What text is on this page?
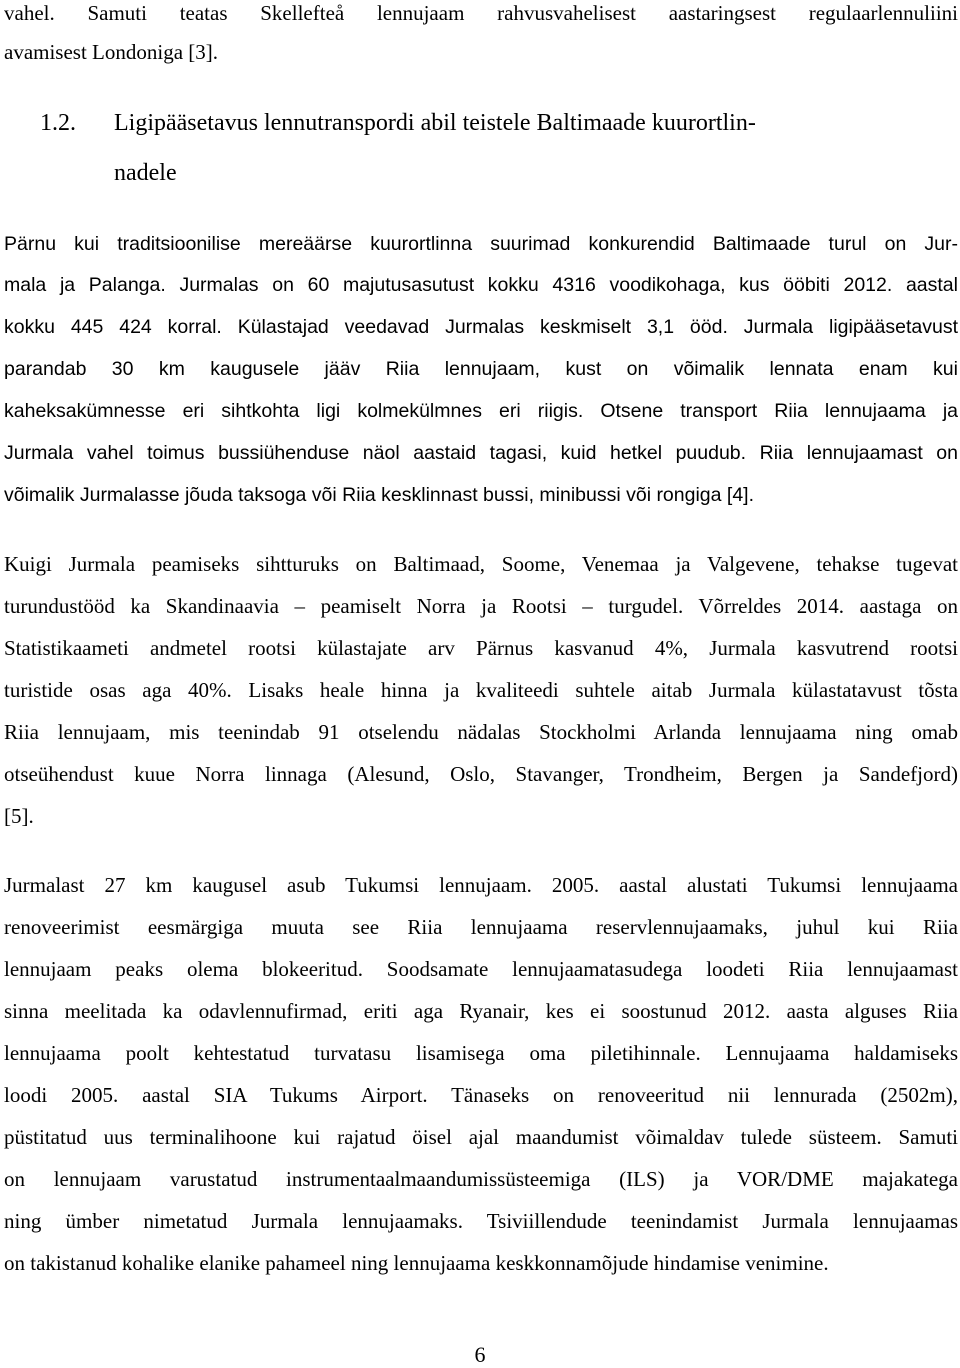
vahel. Samuti teatas Skellefteå lennujaam rahvusvahelisest aastaringsest regulaarlennuliini
avamisest Londoniga [3].
1.2. Ligipääsetavus lennutranspordi abil teistele Baltimaade kuurortlin-
nadele
Pärnu kui traditsioonilise mereäärse kuurortlinna suurimad konkurendid Baltimaade turul on Jur-
mala ja Palanga. Jurmalas on 60 majutusasutust kokku 4316 voodikohaga, kus ööbiti 2012. aastal
kokku 445 424 korral. Külastajad veedavad Jurmalas keskmiselt 3,1 ööd. Jurmala ligipääsetavust
parandab 30 km kaugusele jääv Riia lennujaam, kust on võimalik lennata enam kui
kaheksakümnesse eri sihtkohta ligi kolmekülmnes eri riigis. Otsene transport Riia lennujaama ja
Jurmala vahel toimus bussiühenduse näol aastaid tagasi, kuid hetkel puudub. Riia lennujaamast on
võimalik Jurmalasse jõuda taksoga või Riia kesklinnast bussi, minibussi või rongiga [4].
Kuigi Jurmala peamiseks sihtturuks on Baltimaad, Soome, Venemaa ja Valgevene, tehakse tugevat
turundustööd ka Skandinaavia – peamiselt Norra ja Rootsi – turgudel. Võrreldes 2014. aastaga on
Statistikaameti andmetel rootsi külastajate arv Pärnus kasvanud 4%, Jurmala kasvutrend rootsi
turistide osas aga 40%. Lisaks heale hinna ja kvaliteedi suhtele aitab Jurmala külastatavust tõsta
Riia lennujaam, mis teenindab 91 otselendu nädalas Stockholmi Arlanda lennujaama ning omab
otseühendust kuue Norra linnaga (Alesund, Oslo, Stavanger, Trondheim, Bergen ja Sandefjord)
[5].
Jurmalast 27 km kaugusel asub Tukumsi lennujaam. 2005. aastal alustati Tukumsi lennujaama
renoveerimist eesmärgiga muuta see Riia lennujaama reservlennujaamaks, juhul kui Riia
lennujaam peaks olema blokeeritud. Soodsamate lennujaamatasudega loodeti Riia lennujaamast
sinna meelitada ka odavlennufirmad, eriti aga Ryanair, kes ei soostunud 2012. aasta alguses Riia
lennujaama poolt kehtestatud turvatasu lisamisega oma piletihinnale. Lennujaama haldamiseks
loodi 2005. aastal SIA Tukums Airport. Tänaseks on renoveeritud nii lennurada (2502m),
püstitatud uus terminalihoone kui rajatud öisel ajal maandumist võimaldav tulede süsteem. Samuti
on lennujaam varustatud instrumentaalmaandumissüsteemiga (ILS) ja VOR/DME majakatega
ning ümber nimetatud Jurmala lennujaamaks. Tsiviillendude teenindamist Jurmala lennujaamas
on takistanud kohalike elanike pahameel ning lennujaama keskkonnamõjude hindamise venimine.
6
